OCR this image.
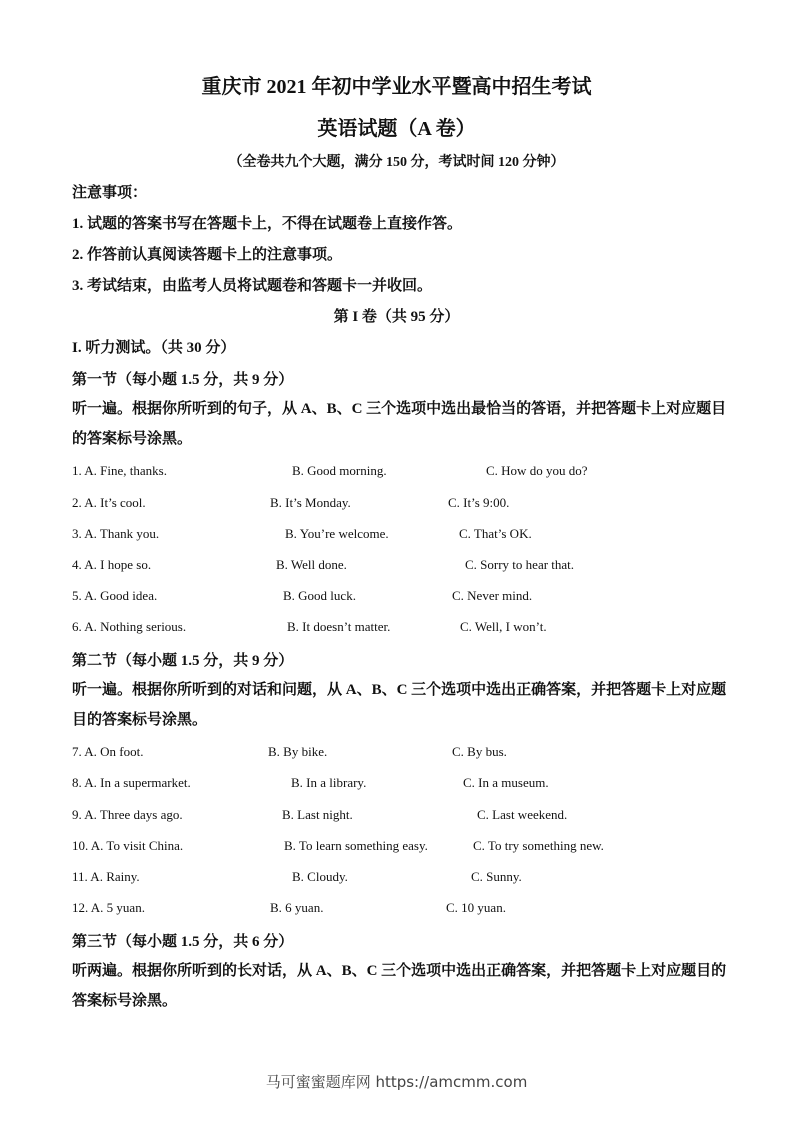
重庆市 2021 年初中学业水平暨高中招生考试
英语试题（A 卷）
（全卷共九个大题，满分 150 分，考试时间 120 分钟）
注意事项：
1. 试题的答案书写在答题卡上，不得在试题卷上直接作答。
2. 作答前认真阅读答题卡上的注意事项。
3. 考试结束，由监考人员将试题卷和答题卡一并收回。
第 I 卷（共 95 分）
I. 听力测试。（共 30 分）
第一节（每小题 1.5 分，共 9 分）
听一遍。根据你所听到的句子，从 A、B、C 三个选项中选出最恰当的答语，并把答题卡上对应题目的答案标号涂黑。
1. A. Fine, thanks.	B. Good morning.	C. How do you do?
2. A. It’s cool.	B. It’s Monday.	C. It’s 9:00.
3. A. Thank you.	B. You’re welcome.	C. That’s OK.
4. A. I hope so.	B. Well done.	C. Sorry to hear that.
5. A. Good idea.	B. Good luck.	C. Never mind.
6. A. Nothing serious.	B. It doesn’t matter.	C. Well, I won’t.
第二节（每小题 1.5 分，共 9 分）
听一遍。根据你所听到的对话和问题，从 A、B、C 三个选项中选出正确答案，并把答题卡上对应题目的答案标号涂黑。
7. A. On foot.	B. By bike.	C. By bus.
8. A. In a supermarket.	B. In a library.	C. In a museum.
9. A. Three days ago.	B. Last night.	C. Last weekend.
10. A. To visit China.	B. To learn something easy.	C. To try something new.
11. A. Rainy.	B. Cloudy.	C. Sunny.
12. A. 5 yuan.	B. 6 yuan.	C. 10 yuan.
第三节（每小题 1.5 分，共 6 分）
听两遍。根据你所听到的长对话，从 A、B、C 三个选项中选出正确答案，并把答题卡上对应题目的答案标号涂黑。
马可蜜蜜题库网 https://amcmm.com
